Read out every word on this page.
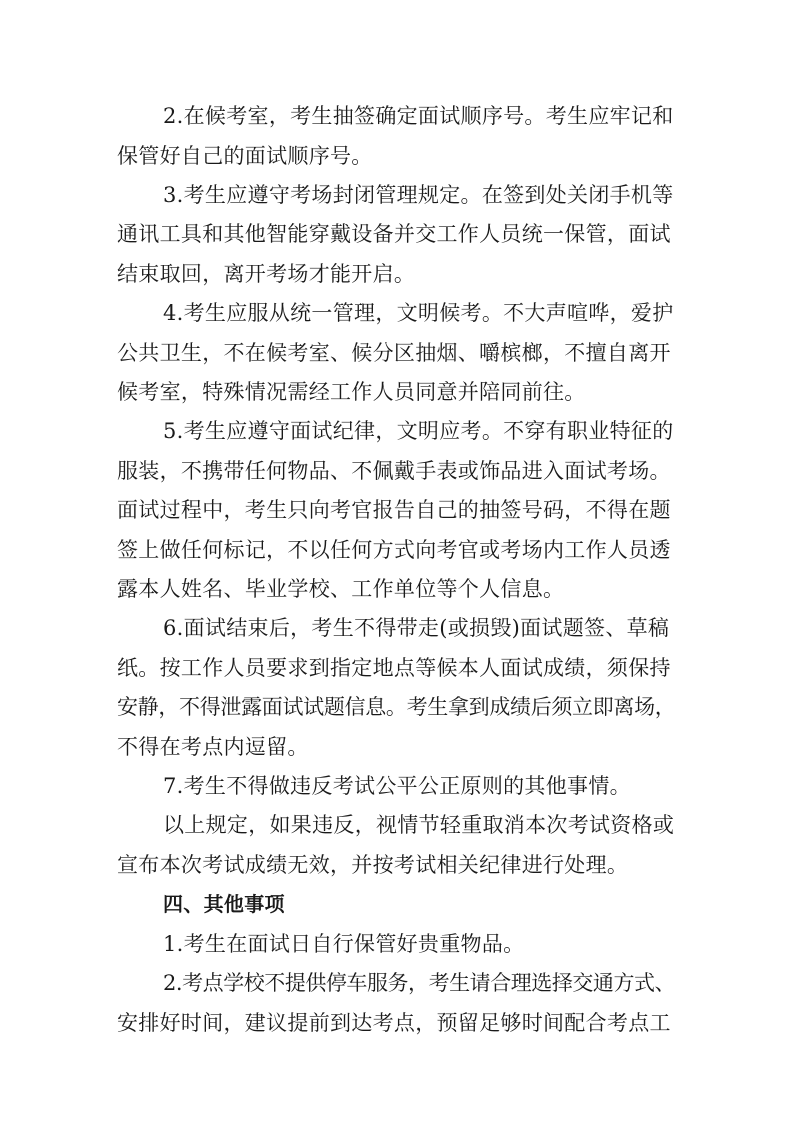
2.在候考室，考生抽签确定面试顺序号。考生应牢记和
保管好自己的面试顺序号。
3.考生应遵守考场封闭管理规定。在签到处关闭手机等
通讯工具和其他智能穿戴设备并交工作人员统一保管，面试
结束取回，离开考场才能开启。
4.考生应服从统一管理，文明候考。不大声喧哗，爱护
公共卫生，不在候考室、候分区抽烟、嚼槟榔，不擅自离开
候考室，特殊情况需经工作人员同意并陪同前往。
5.考生应遵守面试纪律，文明应考。不穿有职业特征的
服装，不携带任何物品、不佩戴手表或饰品进入面试考场。
面试过程中，考生只向考官报告自己的抽签号码，不得在题
签上做任何标记，不以任何方式向考官或考场内工作人员透
露本人姓名、毕业学校、工作单位等个人信息。
6.面试结束后，考生不得带走(或损毁)面试题签、草稿
纸。按工作人员要求到指定地点等候本人面试成绩，须保持
安静，不得泄露面试试题信息。考生拿到成绩后须立即离场，
不得在考点内逗留。
7.考生不得做违反考试公平公正原则的其他事情。
以上规定，如果违反，视情节轻重取消本次考试资格或
宣布本次考试成绩无效，并按考试相关纪律进行处理。
四、其他事项
1.考生在面试日自行保管好贵重物品。
2.考点学校不提供停车服务，考生请合理选择交通方式、
安排好时间，建议提前到达考点，预留足够时间配合考点工
